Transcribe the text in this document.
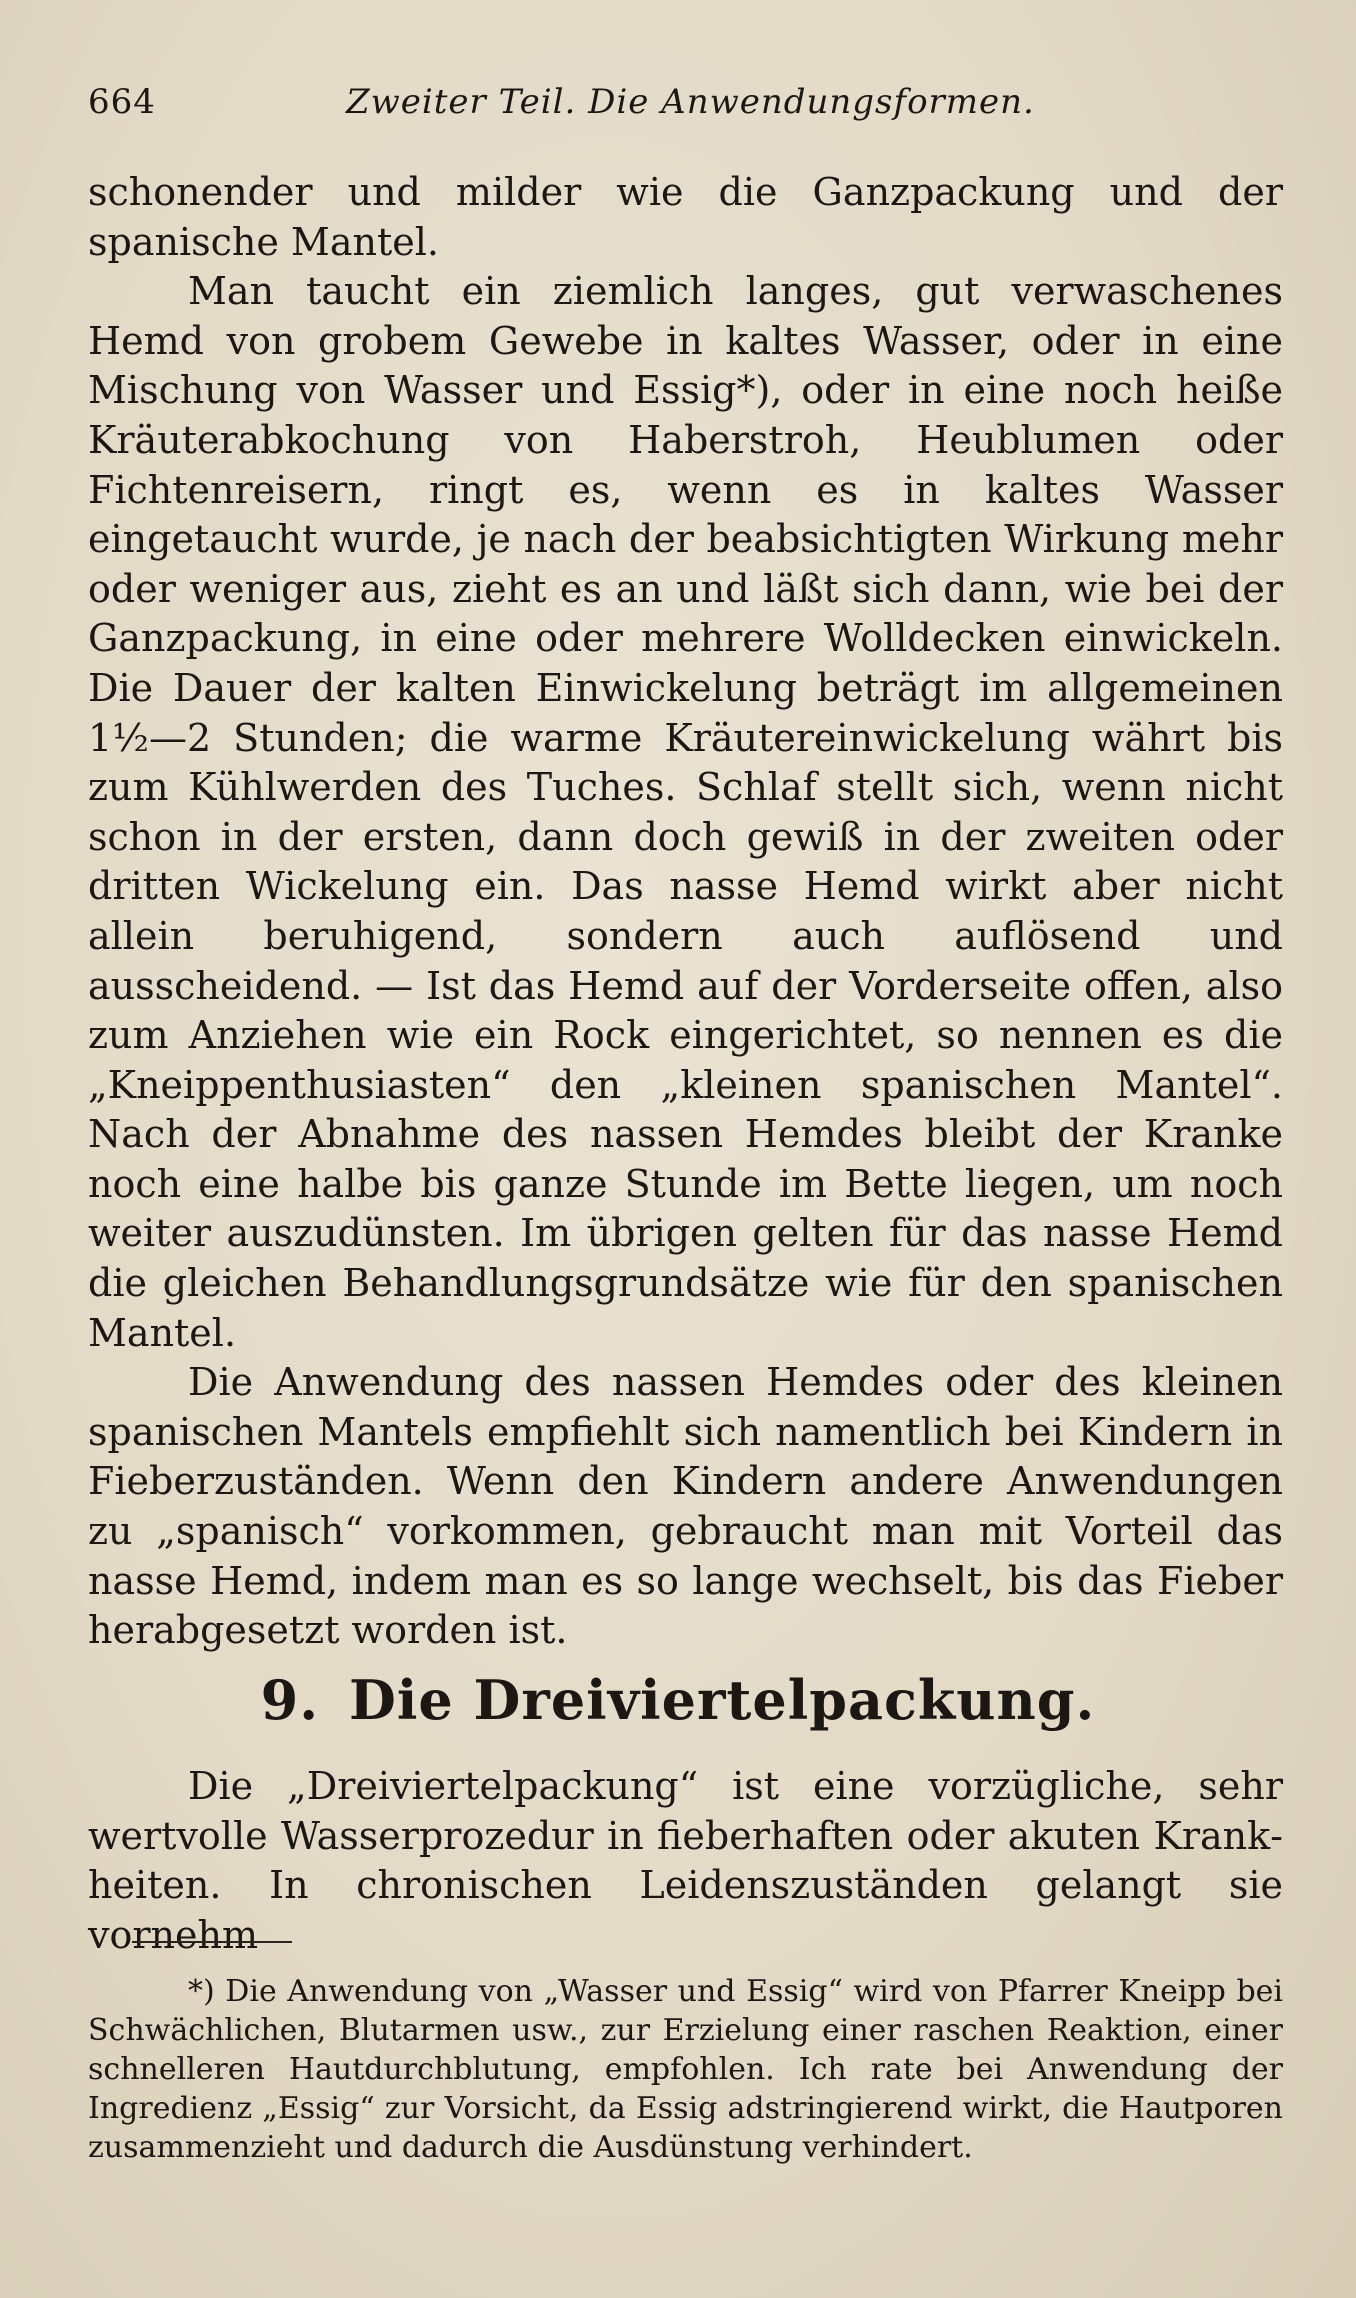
664	Zweiter Teil. Die Anwendungsformen.

schonender und milder wie die Ganzpackung und der spanische Mantel.

Man taucht ein ziemlich langes, gut verwaschenes Hemd von grobem Gewebe in kaltes Wasser, oder in eine Mischung von Wasser und Essig*), oder in eine noch heiße Kräuterabkochung von Haberstroh, Heublumen oder Fichtenreisern, ringt es, wenn es in kaltes Wasser eingetaucht wurde, je nach der beabsichtigten Wirkung mehr oder weniger aus, zieht es an und läßt sich dann, wie bei der Ganzpackung, in eine oder mehrere Wolldecken einwickeln. Die Dauer der kalten Einwickelung beträgt im allgemeinen 1½—2 Stunden; die warme Kräutereinwickelung währt bis zum Kühlwerden des Tuches. Schlaf stellt sich, wenn nicht schon in der ersten, dann doch gewiß in der zweiten oder dritten Wickelung ein. Das nasse Hemd wirkt aber nicht allein beruhigend, sondern auch auflösend und ausscheidend. — Ist das Hemd auf der Vorderseite offen, also zum Anziehen wie ein Rock eingerichtet, so nennen es die „Kneippenthusiasten“ den „kleinen spanischen Mantel“. Nach der Abnahme des nassen Hemdes bleibt der Kranke noch eine halbe bis ganze Stunde im Bette liegen, um noch weiter auszudünsten. Im übrigen gelten für das nasse Hemd die gleichen Behandlungsgrundsätze wie für den spanischen Mantel.

Die Anwendung des nassen Hemdes oder des kleinen spanischen Mantels empfiehlt sich namentlich bei Kindern in Fieberzuständen. Wenn den Kindern andere Anwendungen zu „spanisch“ vorkommen, gebraucht man mit Vorteil das nasse Hemd, indem man es so lange wechselt, bis das Fieber herabgesetzt worden ist.

9. Die Dreiviertelpackung.

Die „Dreiviertelpackung“ ist eine vorzügliche, sehr wertvolle Wasserprozedur in fieberhaften oder akuten Krankheiten. In chronischen Leidenszuständen gelangt sie vornehm

*) Die Anwendung von „Wasser und Essig“ wird von Pfarrer Kneipp bei Schwächlichen, Blutarmen usw., zur Erzielung einer raschen Reaktion, einer schnelleren Hautdurchblutung, empfohlen. Ich rate bei Anwendung der Ingredienz „Essig“ zur Vorsicht, da Essig adstringierend wirkt, die Hautporen zusammenzieht und dadurch die Ausdünstung verhindert.
